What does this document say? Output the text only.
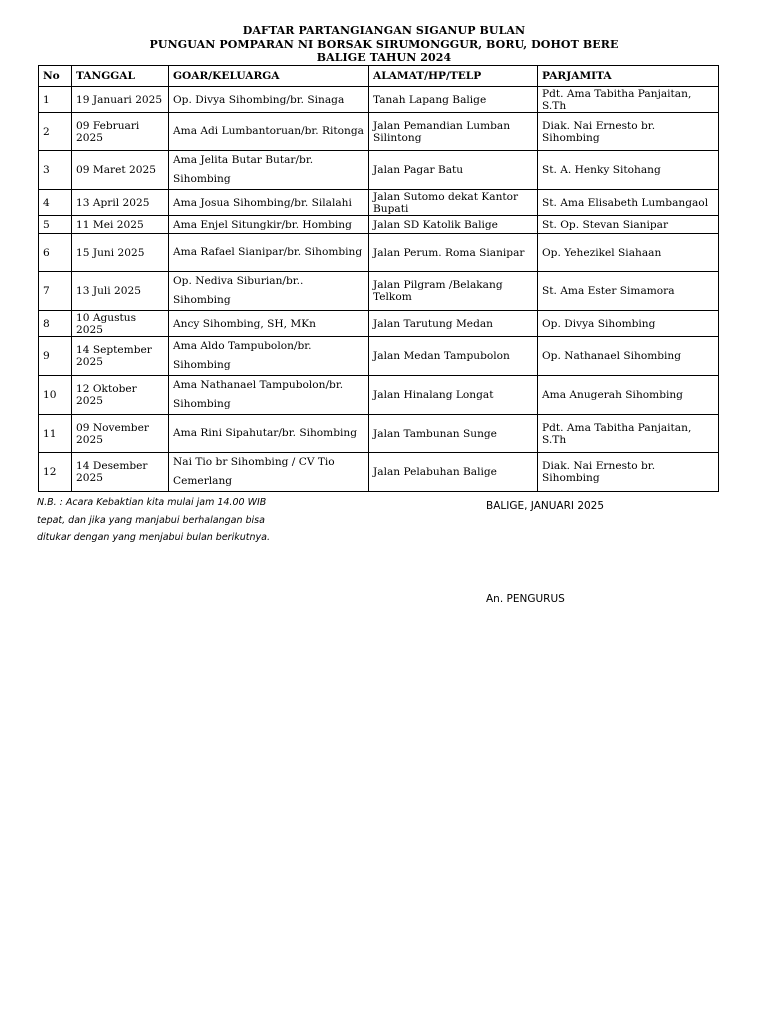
DAFTAR PARTANGIANGAN SIGANUP BULAN
PUNGUAN POMPARAN NI BORSAK SIRUMONGGUR, BORU, DOHOT BERE
BALIGE TAHUN 2024
No	TANGGAL	GOAR/KELUARGA	ALAMAT/HP/TELP	PARJAMITA
1	19 Januari 2025	Op. Divya Sihombing/br. Sinaga	Tanah Lapang Balige	Pdt. Ama Tabitha Panjaitan, S.Th
2	09 Februari 2025	Ama Adi Lumbantoruan/br. Ritonga	Jalan Pemandian Lumban Silintong	Diak. Nai Ernesto br. Sihombing
3	09 Maret 2025	Ama Jelita Butar Butar/br. Sihombing	Jalan Pagar Batu	St. A. Henky Sitohang
4	13 April 2025	Ama Josua Sihombing/br. Silalahi	Jalan Sutomo dekat Kantor Bupati	St. Ama Elisabeth Lumbangaol
5	11 Mei 2025	Ama Enjel Situngkir/br. Hombing	Jalan SD Katolik Balige	St. Op. Stevan Sianipar
6	15 Juni 2025	Ama Rafael Sianipar/br. Sihombing	Jalan Perum. Roma Sianipar	Op. Yehezikel Siahaan
7	13 Juli 2025	Op. Nediva Siburian/br.. Sihombing	Jalan Pilgram /Belakang Telkom	St. Ama Ester Simamora
8	10 Agustus 2025	Ancy Sihombing, SH, MKn	Jalan Tarutung Medan	Op. Divya Sihombing
9	14 September 2025	Ama Aldo Tampubolon/br. Sihombing	Jalan Medan Tampubolon	Op. Nathanael Sihombing
10	12 Oktober 2025	Ama Nathanael Tampubolon/br. Sihombing	Jalan Hinalang Longat	Ama Anugerah Sihombing
11	09 November 2025	Ama Rini Sipahutar/br. Sihombing	Jalan Tambunan Sunge	Pdt. Ama Tabitha Panjaitan, S.Th
12	14 Desember 2025	Nai Tio br Sihombing / CV Tio Cemerlang	Jalan Pelabuhan Balige	Diak. Nai Ernesto br. Sihombing
N.B. : Acara Kebaktian kita mulai jam 14.00 WIB tepat, dan jika yang manjabui berhalangan bisa ditukar dengan yang menjabui bulan berikutnya.
BALIGE, JANUARI 2025
An. PENGURUS
